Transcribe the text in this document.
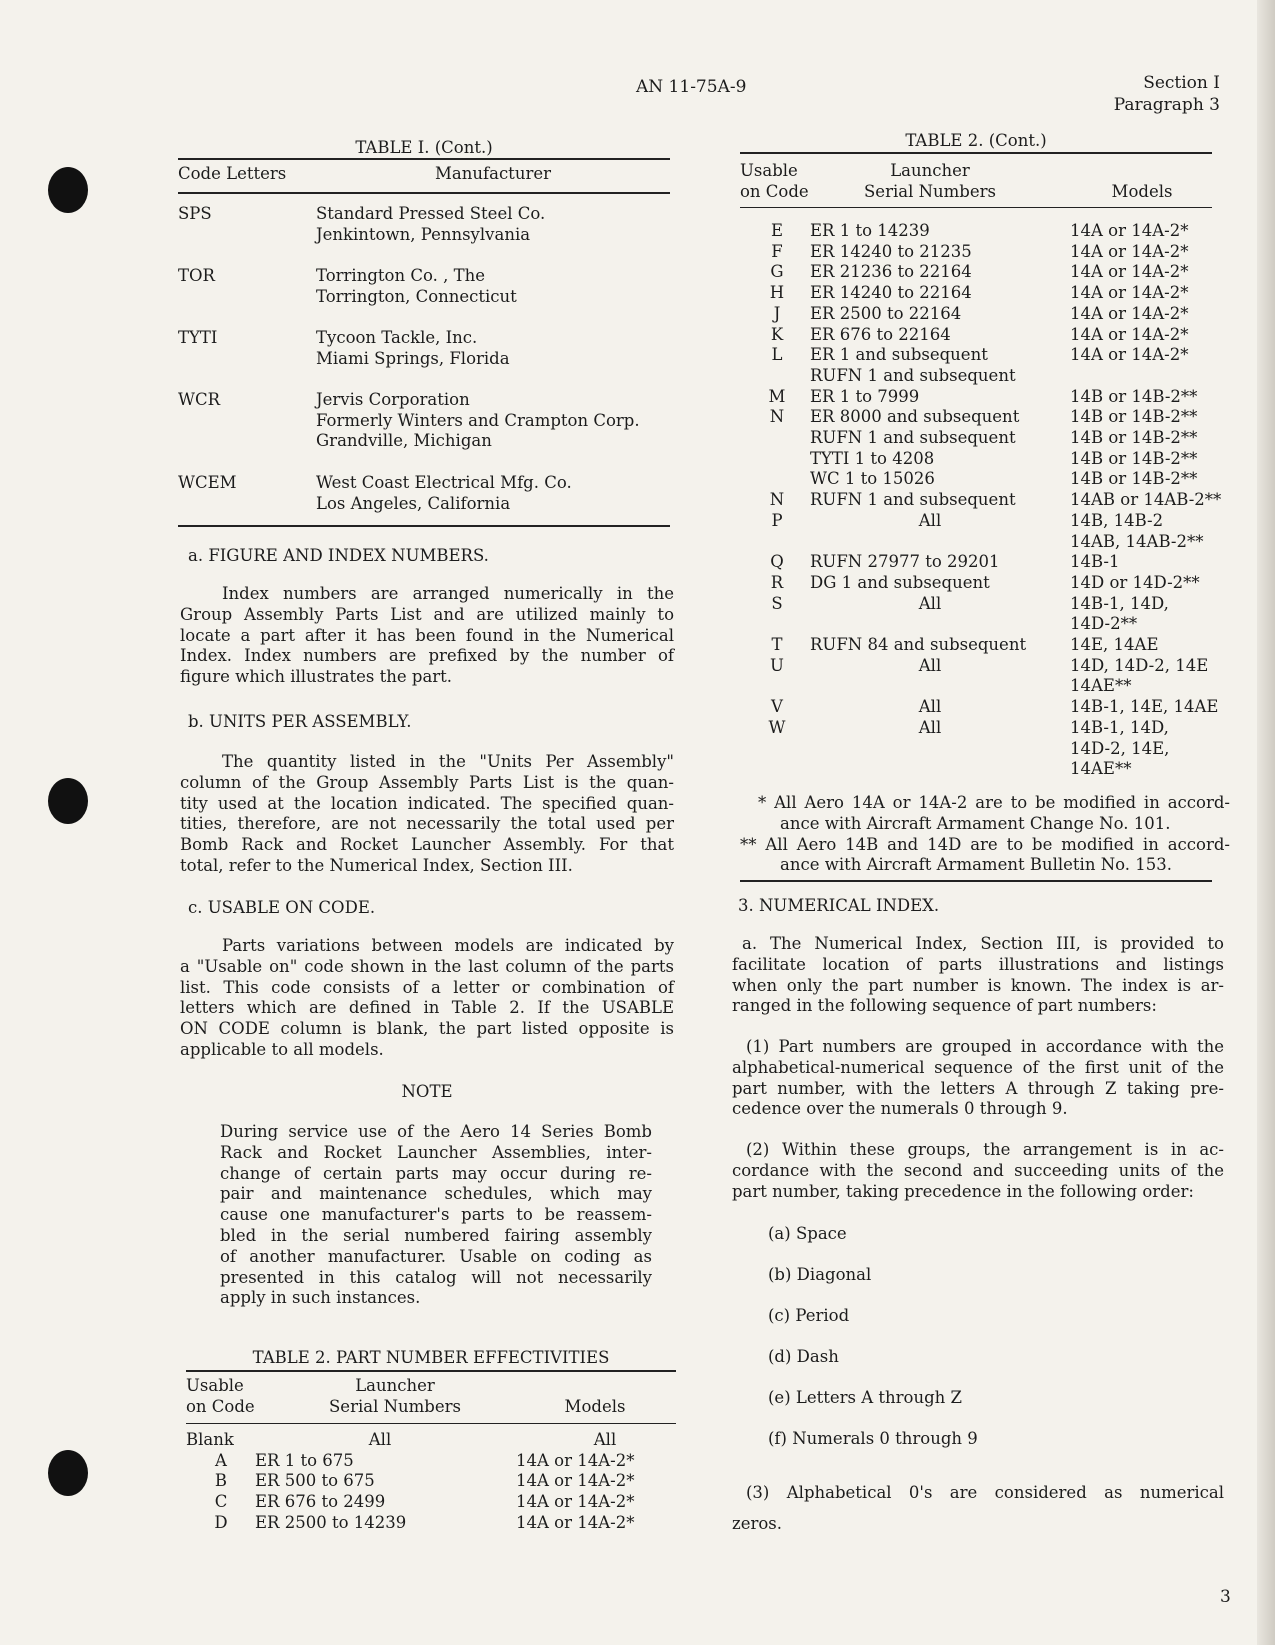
AN 11-75A-9	Section I
Paragraph 3
TABLE I. (Cont.)
Code Letters	Manufacturer
SPS	Standard Pressed Steel Co.
Jenkintown, Pennsylvania
TOR	Torrington Co. , The
Torrington, Connecticut
TYTI	Tycoon Tackle, Inc.
Miami Springs, Florida
WCR	Jervis Corporation
Formerly Winters and Crampton Corp.
Grandville, Michigan
WCEM	West Coast Electrical Mfg. Co.
Los Angeles, California
a. FIGURE AND INDEX NUMBERS.
Index numbers are arranged numerically in the
Group Assembly Parts List and are utilized mainly to
locate a part after it has been found in the Numerical
Index. Index numbers are prefixed by the number of
figure which illustrates the part.
b. UNITS PER ASSEMBLY.
The quantity listed in the "Units Per Assembly"
column of the Group Assembly Parts List is the quan-
tity used at the location indicated. The specified quan-
tities, therefore, are not necessarily the total used per
Bomb Rack and Rocket Launcher Assembly. For that
total, refer to the Numerical Index, Section III.
c. USABLE ON CODE.
Parts variations between models are indicated by
a "Usable on" code shown in the last column of the parts
list. This code consists of a letter or combination of
letters which are defined in Table 2. If the USABLE
ON CODE column is blank, the part listed opposite is
applicable to all models.
NOTE
During service use of the Aero 14 Series Bomb
Rack and Rocket Launcher Assemblies, inter-
change of certain parts may occur during re-
pair and maintenance schedules, which may
cause one manufacturer's parts to be reassem-
bled in the serial numbered fairing assembly
of another manufacturer. Usable on coding as
presented in this catalog will not necessarily
apply in such instances.
TABLE 2. PART NUMBER EFFECTIVITIES
Usable
on Code
Launcher
Serial Numbers	Models
Blank	All	All
A	ER 1 to 675	14A or 14A-2*
B	ER 500 to 675	14A or 14A-2*
C	ER 676 to 2499	14A or 14A-2*
D	ER 2500 to 14239	14A or 14A-2*
TABLE 2. (Cont.)
Usable
on Code
Launcher
Serial Numbers	Models
E	ER 1 to 14239	14A or 14A-2*
F	ER 14240 to 21235	14A or 14A-2*
G	ER 21236 to 22164	14A or 14A-2*
H	ER 14240 to 22164	14A or 14A-2*
J	ER 2500 to 22164	14A or 14A-2*
K	ER 676 to 22164	14A or 14A-2*
L	ER 1 and subsequent	14A or 14A-2*
RUFN 1 and subsequent
M	ER 1 to 7999	14B or 14B-2**
N	ER 8000 and subsequent	14B or 14B-2**
RUFN 1 and subsequent	14B or 14B-2**
TYTI 1 to 4208	14B or 14B-2**
WC 1 to 15026	14B or 14B-2**
N	RUFN 1 and subsequent	14AB or 14AB-2**
P	All	14B, 14B-2
14AB, 14AB-2**
Q	RUFN 27977 to 29201	14B-1
R	DG 1 and subsequent	14D or 14D-2**
S	All	14B-1, 14D,
14D-2**
T	RUFN 84 and subsequent	14E, 14AE
U	All	14D, 14D-2, 14E
14AE**
V	All	14B-1, 14E, 14AE
W	All	14B-1, 14D,
14D-2, 14E,
14AE**
* All Aero 14A or 14A-2 are to be modified in accord-
ance with Aircraft Armament Change No. 101.
** All Aero 14B and 14D are to be modified in accord-
ance with Aircraft Armament Bulletin No. 153.
3. NUMERICAL INDEX.
a. The Numerical Index, Section III, is provided to
facilitate location of parts illustrations and listings
when only the part number is known. The index is ar-
ranged in the following sequence of part numbers:
(1) Part numbers are grouped in accordance with the
alphabetical-numerical sequence of the first unit of the
part number, with the letters A through Z taking pre-
cedence over the numerals 0 through 9.
(2) Within these groups, the arrangement is in ac-
cordance with the second and succeeding units of the
part number, taking precedence in the following order:
(a) Space
(b) Diagonal
(c) Period
(d) Dash
(e) Letters A through Z
(f) Numerals 0 through 9
(3) Alphabetical 0's are considered as numerical
zeros.
3
